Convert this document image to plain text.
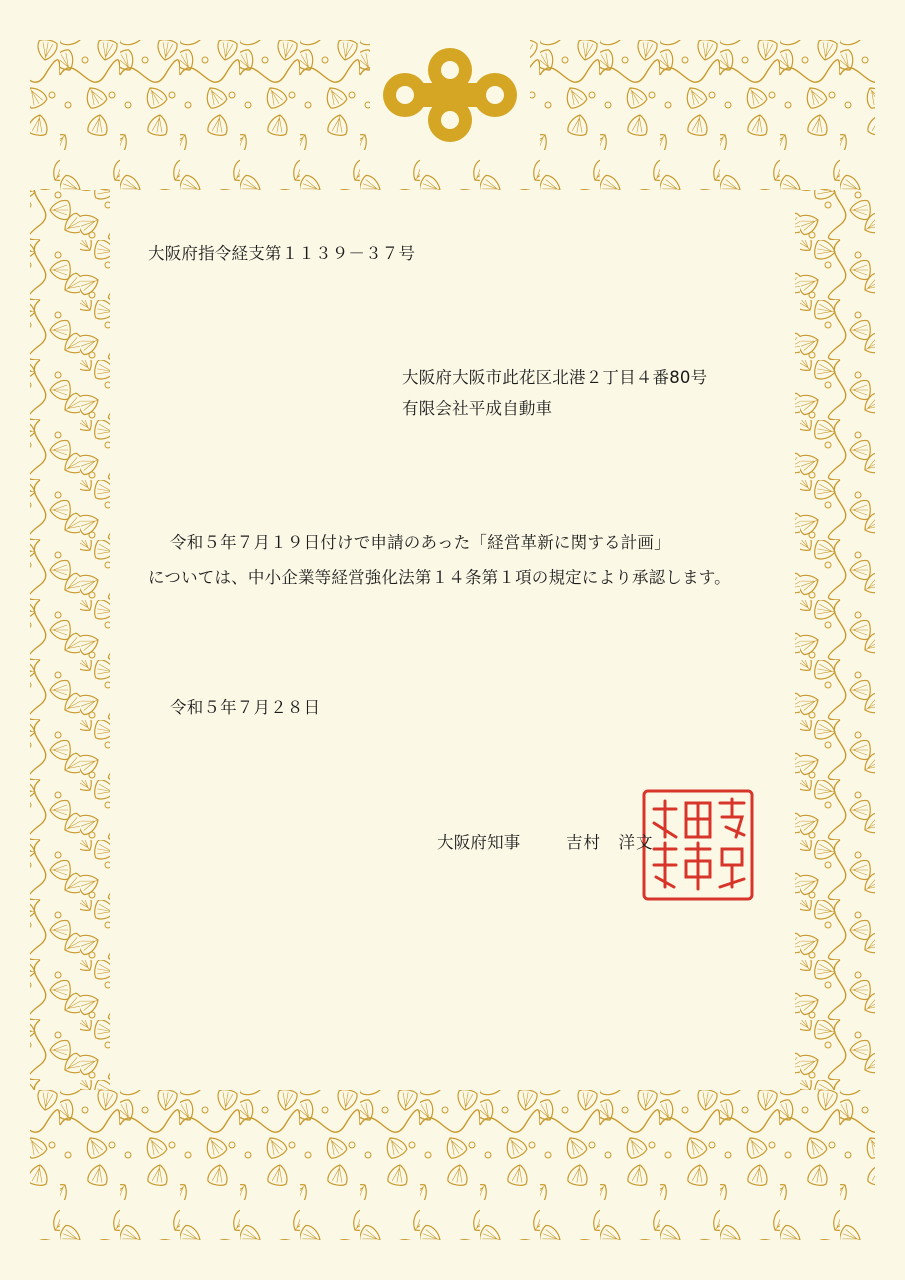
大阪府指令経支第１１３９－３７号
大阪府大阪市此花区北港２丁目４番80号
有限会社平成自動車
令和５年７月１９日付けで申請のあった「経営革新に関する計画」
については、中小企業等経営強化法第１４条第１項の規定により承認します。
令和５年７月２８日
大阪府知事	吉村　洋文
